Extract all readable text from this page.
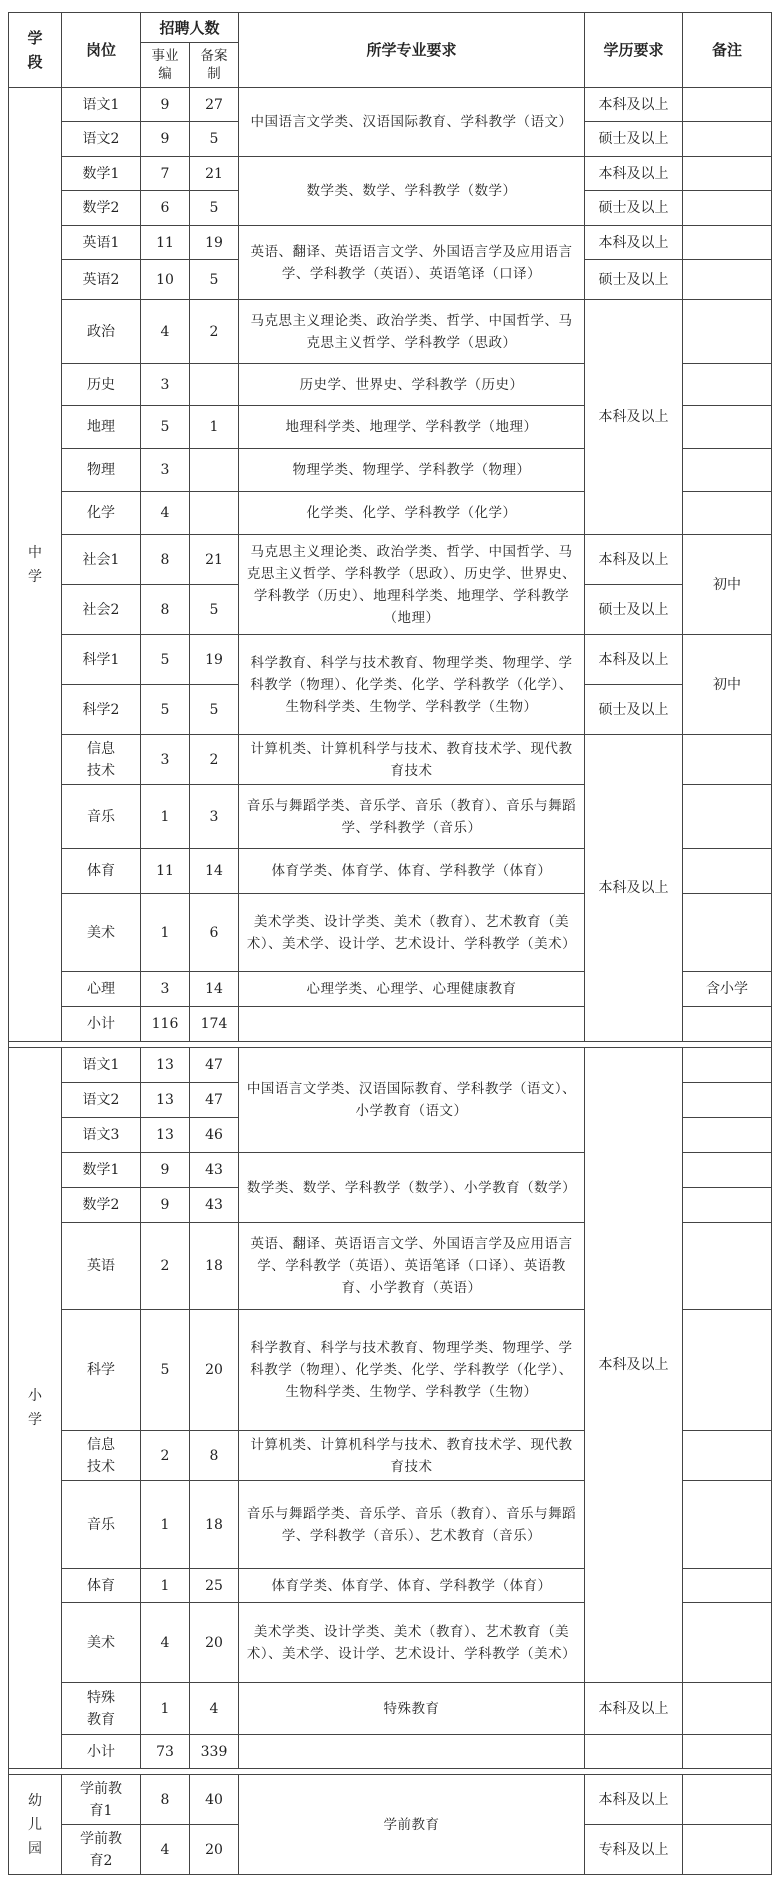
学段	岗位	招聘人数		所学专业要求	学历要求	备注

		事业编	备案制			

中学	语文1	9	27	中国语言文学类、汉语国际教育、学科教学（语文）	本科及以上	
	语文2	9	5		硕士及以上	
	数学1	7	21	数学类、数学、学科教学（数学）	本科及以上	
	数学2	6	5		硕士及以上	
	英语1	11	19	英语、翻译、英语语言文学、外国语言学及应用语言学、学科教学（英语）、英语笔译（口译）	本科及以上	
	英语2	10	5		硕士及以上	
	政治	4	2	马克思主义理论类、政治学类、哲学、中国哲学、马克思主义哲学、学科教学（思政）	本科及以上	
	历史	3		历史学、世界史、学科教学（历史）		
	地理	5	1	地理科学类、地理学、学科教学（地理）		
	物理	3		物理学类、物理学、学科教学（物理）		
	化学	4		化学类、化学、学科教学（化学）		
	社会1	8	21	马克思主义理论类、政治学类、哲学、中国哲学、马克思主义哲学、学科教学（思政）、历史学、世界史、学科教学（历史）、地理科学类、地理学、学科教学（地理）	本科及以上	初中
	社会2	8	5		硕士及以上	
	科学1	5	19	科学教育、科学与技术教育、物理学类、物理学、学科教学（物理）、化学类、化学、学科教学（化学）、生物科学类、生物学、学科教学（生物）	本科及以上	初中
	科学2	5	5		硕士及以上	

	信息技术	3	2	计算机类、计算机科学与技术、教育技术学、现代教育技术	本科及以上	
	音乐	1	3	音乐与舞蹈学类、音乐学、音乐（教育）、音乐与舞蹈学、学科教学（音乐）		
	体育	11	14	体育学类、体育学、体育、学科教学（体育）		
	美术	1	6	美术学类、设计学类、美术（教育）、艺术教育（美术）、美术学、设计学、艺术设计、学科教学（美术）		
	心理	3	14	心理学类、心理学、心理健康教育		含小学
	小计	116	174			

小学	语文1	13	47	中国语言文学类、汉语国际教育、学科教学（语文）、小学教育（语文）	本科及以上	
	语文2	13	47			
	语文3	13	46			
	数学1	9	43	数学类、数学、学科教学（数学）、小学教育（数学）		
	数学2	9	43			
	英语	2	18	英语、翻译、英语语言文学、外国语言学及应用语言学、学科教学（英语）、英语笔译（口译）、英语教育、小学教育（英语）		
	科学	5	20	科学教育、科学与技术教育、物理学类、物理学、学科教学（物理）、化学类、化学、学科教学（化学）、生物科学类、生物学、学科教学（生物）		

	信息技术	2	8	计算机类、计算机科学与技术、教育技术学、现代教育技术		
	音乐	1	18	音乐与舞蹈学类、音乐学、音乐（教育）、音乐与舞蹈学、学科教学（音乐）、艺术教育（音乐）		
	体育	1	25	体育学类、体育学、体育、学科教学（体育）		
	美术	4	20	美术学类、设计学类、美术（教育）、艺术教育（美术）、美术学、设计学、艺术设计、学科教学（美术）		

	特殊教育	1	4	特殊教育	本科及以上	
	小计	73	339			

幼儿园	学前教育1	8	40	学前教育	本科及以上	

	学前教育2	4	20		专科及以上	
